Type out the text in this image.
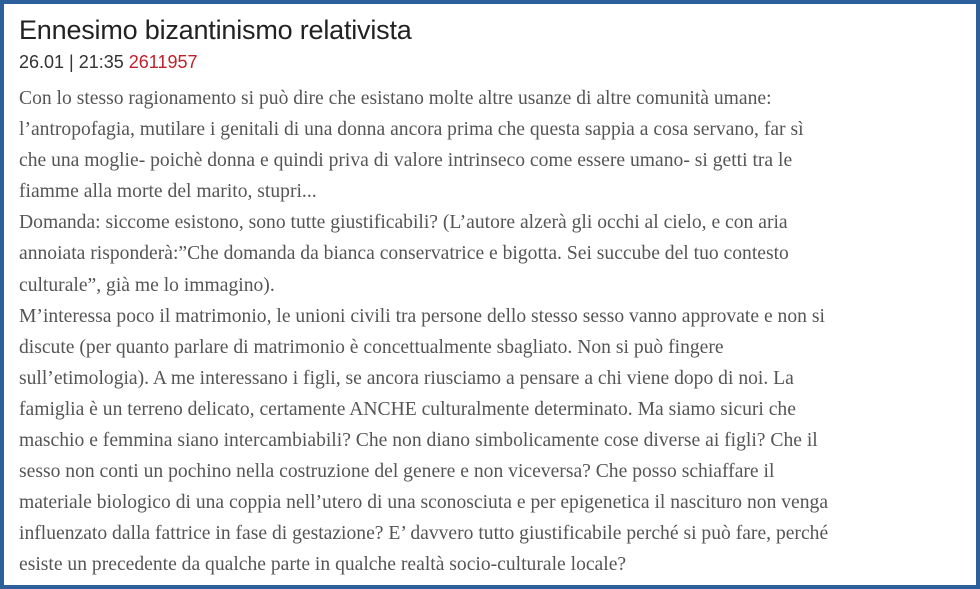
Ennesimo bizantinismo relativista
26.01 | 21:35 2611957
Con lo stesso ragionamento si può dire che esistano molte altre usanze di altre comunità umane:
l’antropofagia, mutilare i genitali di una donna ancora prima che questa sappia a cosa servano, far sì
che una moglie- poichè donna e quindi priva di valore intrinseco come essere umano- si getti tra le
fiamme alla morte del marito, stupri...
Domanda: siccome esistono, sono tutte giustificabili? (L’autore alzerà gli occhi al cielo, e con aria
annoiata risponderà:”Che domanda da bianca conservatrice e bigotta. Sei succube del tuo contesto
culturale”, già me lo immagino).
M’interessa poco il matrimonio, le unioni civili tra persone dello stesso sesso vanno approvate e non si
discute (per quanto parlare di matrimonio è concettualmente sbagliato. Non si può fingere
sull’etimologia). A me interessano i figli, se ancora riusciamo a pensare a chi viene dopo di noi. La
famiglia è un terreno delicato, certamente ANCHE culturalmente determinato. Ma siamo sicuri che
maschio e femmina siano intercambiabili? Che non diano simbolicamente cose diverse ai figli? Che il
sesso non conti un pochino nella costruzione del genere e non viceversa? Che posso schiaffare il
materiale biologico di una coppia nell’utero di una sconosciuta e per epigenetica il nascituro non venga
influenzato dalla fattrice in fase di gestazione? E’ davvero tutto giustificabile perché si può fare, perché
esiste un precedente da qualche parte in qualche realtà socio-culturale locale?
